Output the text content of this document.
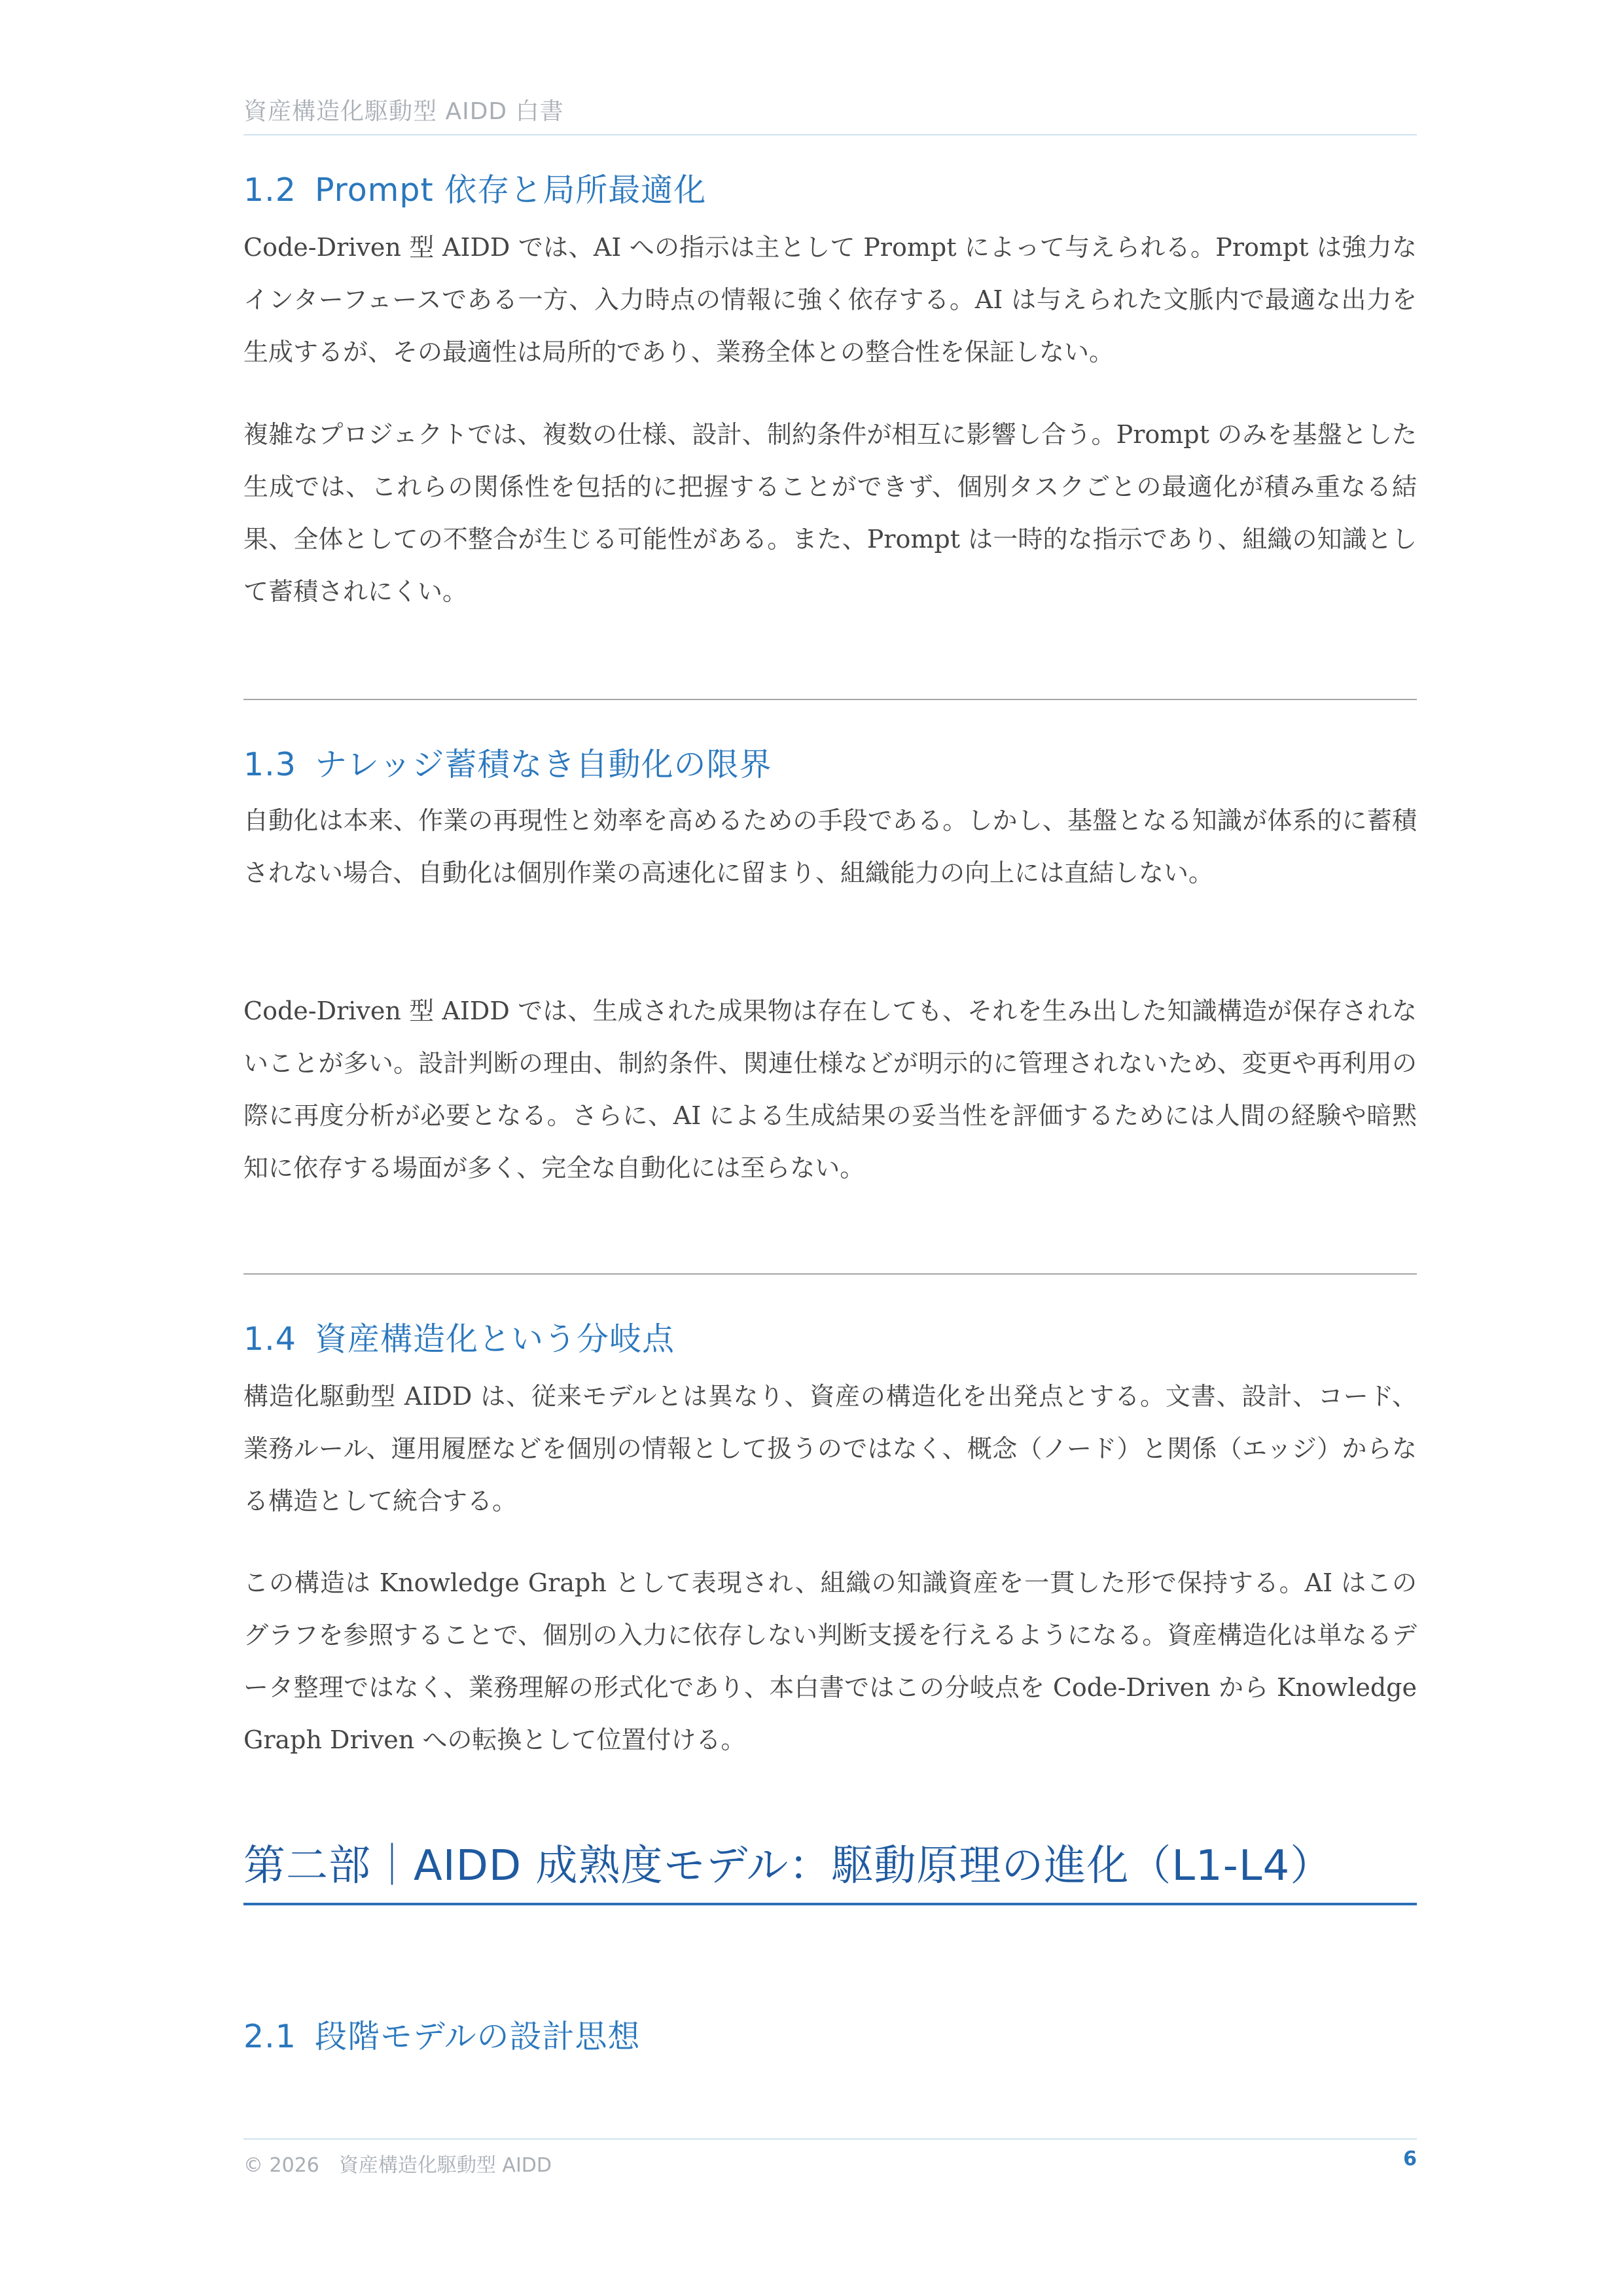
資産構造化駆動型 AIDD 白書
1.2 Prompt 依存と局所最適化
Code-Driven 型 AIDD では、AI への指示は主として Prompt によって与えられる。Prompt は強力なインターフェースである一方、入力時点の情報に強く依存する。AI は与えられた文脈内で最適な出力を生成するが、その最適性は局所的であり、業務全体との整合性を保証しない。
複雑なプロジェクトでは、複数の仕様、設計、制約条件が相互に影響し合う。Prompt のみを基盤とした生成では、これらの関係性を包括的に把握することができず、個別タスクごとの最適化が積み重なる結果、全体としての不整合が生じる可能性がある。また、Prompt は一時的な指示であり、組織の知識として蓄積されにくい。
1.3 ナレッジ蓄積なき自動化の限界
自動化は本来、作業の再現性と効率を高めるための手段である。しかし、基盤となる知識が体系的に蓄積されない場合、自動化は個別作業の高速化に留まり、組織能力の向上には直結しない。
Code-Driven 型 AIDD では、生成された成果物は存在しても、それを生み出した知識構造が保存されないことが多い。設計判断の理由、制約条件、関連仕様などが明示的に管理されないため、変更や再利用の際に再度分析が必要となる。さらに、AI による生成結果の妥当性を評価するためには人間の経験や暗黙知に依存する場面が多く、完全な自動化には至らない。
1.4 資産構造化という分岐点
構造化駆動型 AIDD は、従来モデルとは異なり、資産の構造化を出発点とする。文書、設計、コード、業務ルール、運用履歴などを個別の情報として扱うのではなく、概念（ノード）と関係（エッジ）からなる構造として統合する。
この構造は Knowledge Graph として表現され、組織の知識資産を一貫した形で保持する。AI はこのグラフを参照することで、個別の入力に依存しない判断支援を行えるようになる。資産構造化は単なるデータ整理ではなく、業務理解の形式化であり、本白書ではこの分岐点を Code-Driven から Knowledge Graph Driven への転換として位置付ける。
第二部｜AIDD 成熟度モデル：駆動原理の進化（L1-L4）
2.1 段階モデルの設計思想
© 2026　資産構造化駆動型 AIDD	6
